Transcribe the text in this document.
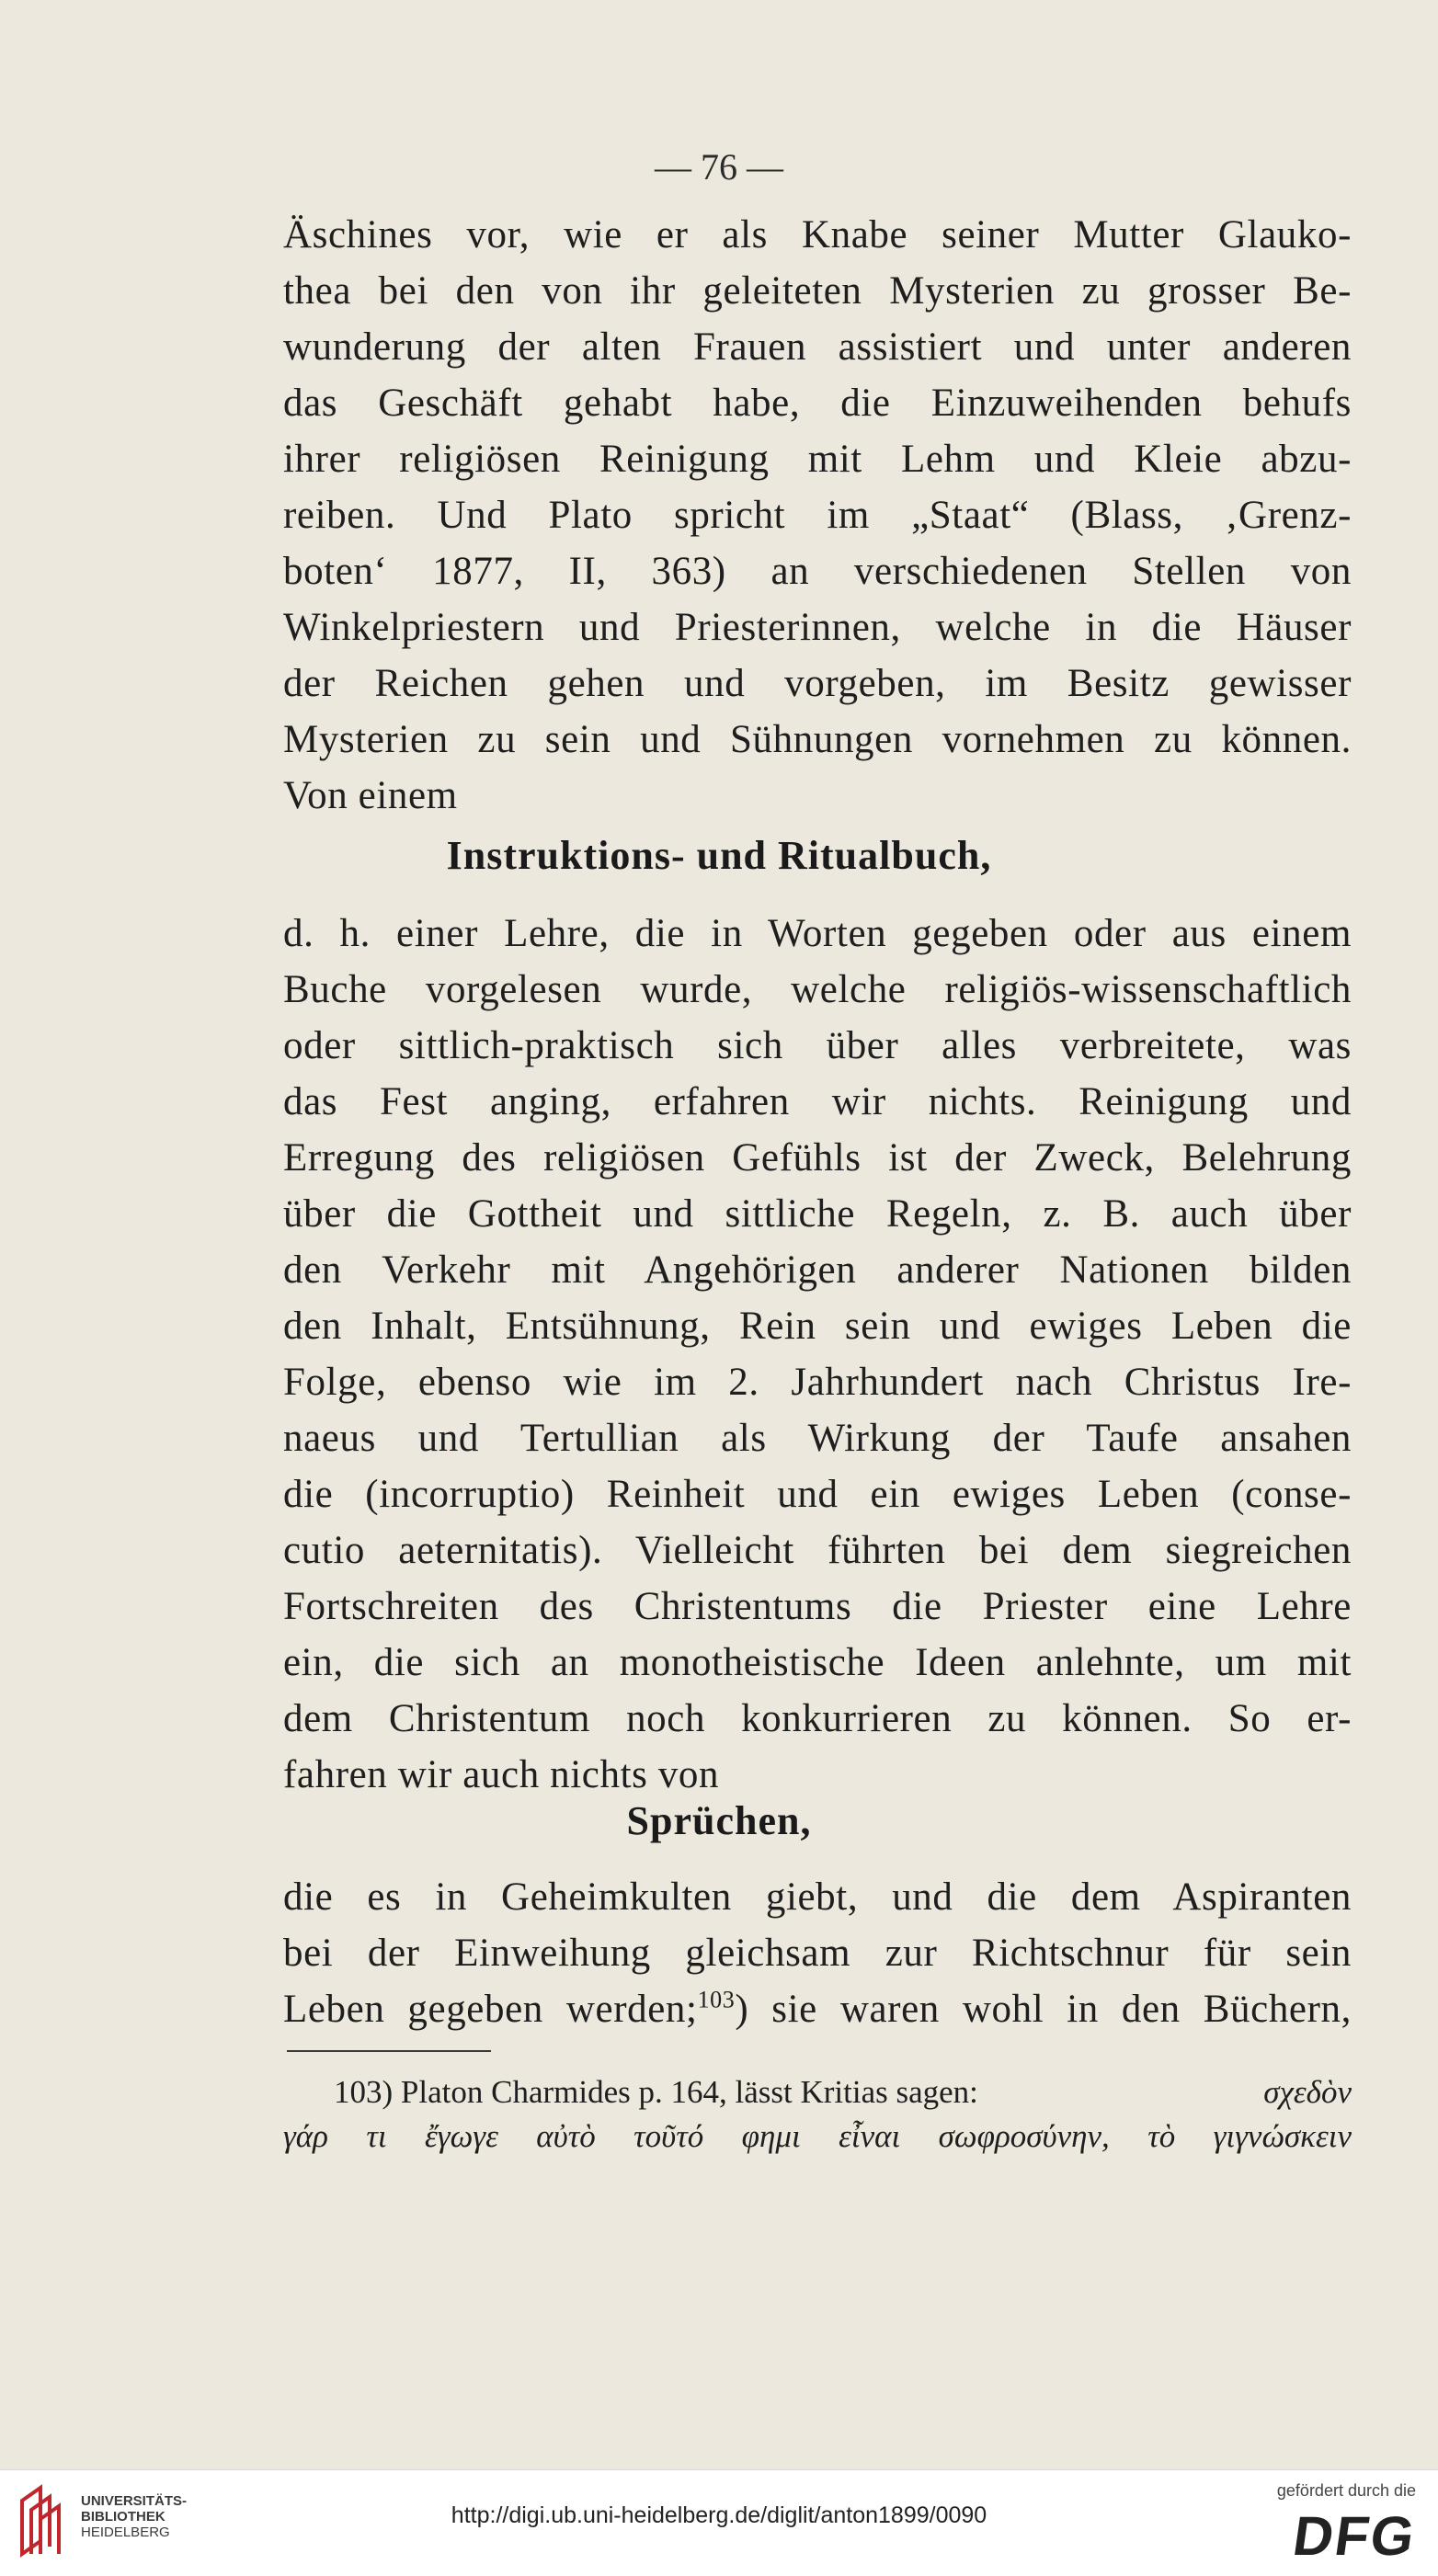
— 76 —
Äschines vor, wie er als Knabe seiner Mutter Glauko-
thea bei den von ihr geleiteten Mysterien zu grosser Be-
wunderung der alten Frauen assistiert und unter anderen
das Geschäft gehabt habe, die Einzuweihenden behufs
ihrer religiösen Reinigung mit Lehm und Kleie abzu-
reiben. Und Plato spricht im „Staat“ (Blass, ‚Grenz-
boten‘ 1877, II, 363) an verschiedenen Stellen von
Winkelpriestern und Priesterinnen, welche in die Häuser
der Reichen gehen und vorgeben, im Besitz gewisser
Mysterien zu sein und Sühnungen vornehmen zu können.
Von einem
Instruktions- und Ritualbuch,
d. h. einer Lehre, die in Worten gegeben oder aus einem
Buche vorgelesen wurde, welche religiös-wissenschaftlich
oder sittlich-praktisch sich über alles verbreitete, was
das Fest anging, erfahren wir nichts. Reinigung und
Erregung des religiösen Gefühls ist der Zweck, Belehrung
über die Gottheit und sittliche Regeln, z. B. auch über
den Verkehr mit Angehörigen anderer Nationen bilden
den Inhalt, Entsühnung, Rein sein und ewiges Leben die
Folge, ebenso wie im 2. Jahrhundert nach Christus Ire-
naeus und Tertullian als Wirkung der Taufe ansahen
die (incorruptio) Reinheit und ein ewiges Leben (conse-
cutio aeternitatis). Vielleicht führten bei dem siegreichen
Fortschreiten des Christentums die Priester eine Lehre
ein, die sich an monotheistische Ideen anlehnte, um mit
dem Christentum noch konkurrieren zu können. So er-
fahren wir auch nichts von
Sprüchen,
die es in Geheimkulten giebt, und die dem Aspiranten
bei der Einweihung gleichsam zur Richtschnur für sein
Leben gegeben werden;$^{103}$) sie waren wohl in den Büchern,
103) Platon Charmides p. 164, lässt Kritias sagen:	σχεδὸν
γάρ τι ἔγωγε αὐτὸ τοῦτό φημι εἶναι σωφροσύνην, τὸ γιγνώσκειν
UNIVERSITÄTS-
BIBLIOTHEK
HEIDELBERG
http://digi.ub.uni-heidelberg.de/diglit/anton1899/0090
gefördert durch die
DFG
